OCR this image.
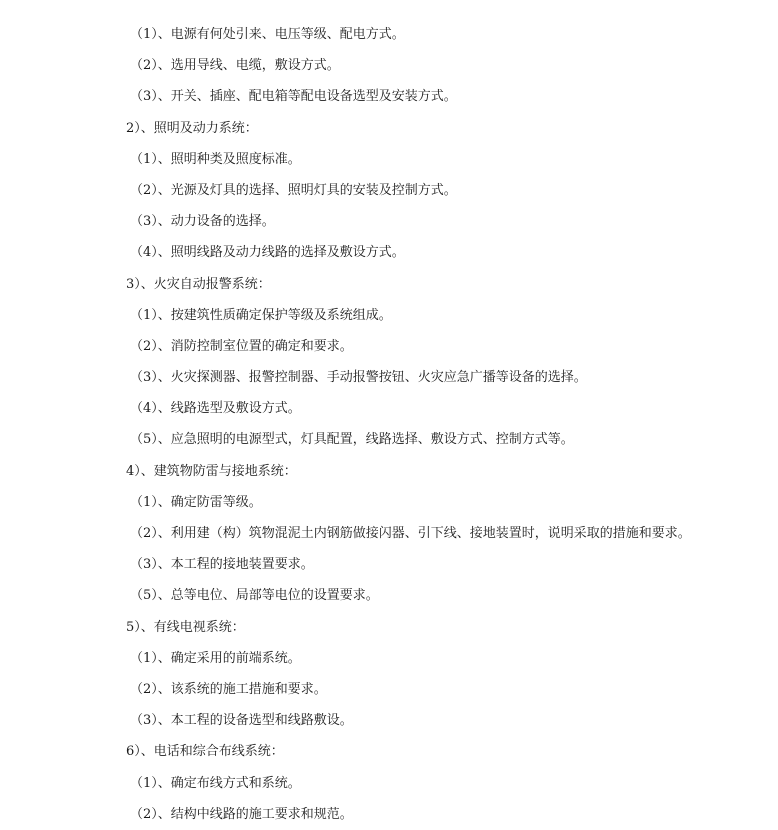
（1）、电源有何处引来、电压等级、配电方式。
（2）、选用导线、电缆，敷设方式。
（3）、开关、插座、配电箱等配电设备选型及安装方式。
2）、照明及动力系统：
（1）、照明种类及照度标准。
（2）、光源及灯具的选择、照明灯具的安装及控制方式。
（3）、动力设备的选择。
（4）、照明线路及动力线路的选择及敷设方式。
3）、火灾自动报警系统：
（1）、按建筑性质确定保护等级及系统组成。
（2）、消防控制室位置的确定和要求。
（3）、火灾探测器、报警控制器、手动报警按钮、火灾应急广播等设备的选择。
（4）、线路选型及敷设方式。
（5）、应急照明的电源型式，灯具配置，线路选择、敷设方式、控制方式等。
4）、建筑物防雷与接地系统：
（1）、确定防雷等级。
（2）、利用建（构）筑物混泥土内钢筋做接闪器、引下线、接地装置时，说明采取的措施和要求。
（3）、本工程的接地装置要求。
（5）、总等电位、局部等电位的设置要求。
5）、有线电视系统：
（1）、确定采用的前端系统。
（2）、该系统的施工措施和要求。
（3）、本工程的设备选型和线路敷设。
6）、电话和综合布线系统：
（1）、确定布线方式和系统。
（2）、结构中线路的施工要求和规范。
